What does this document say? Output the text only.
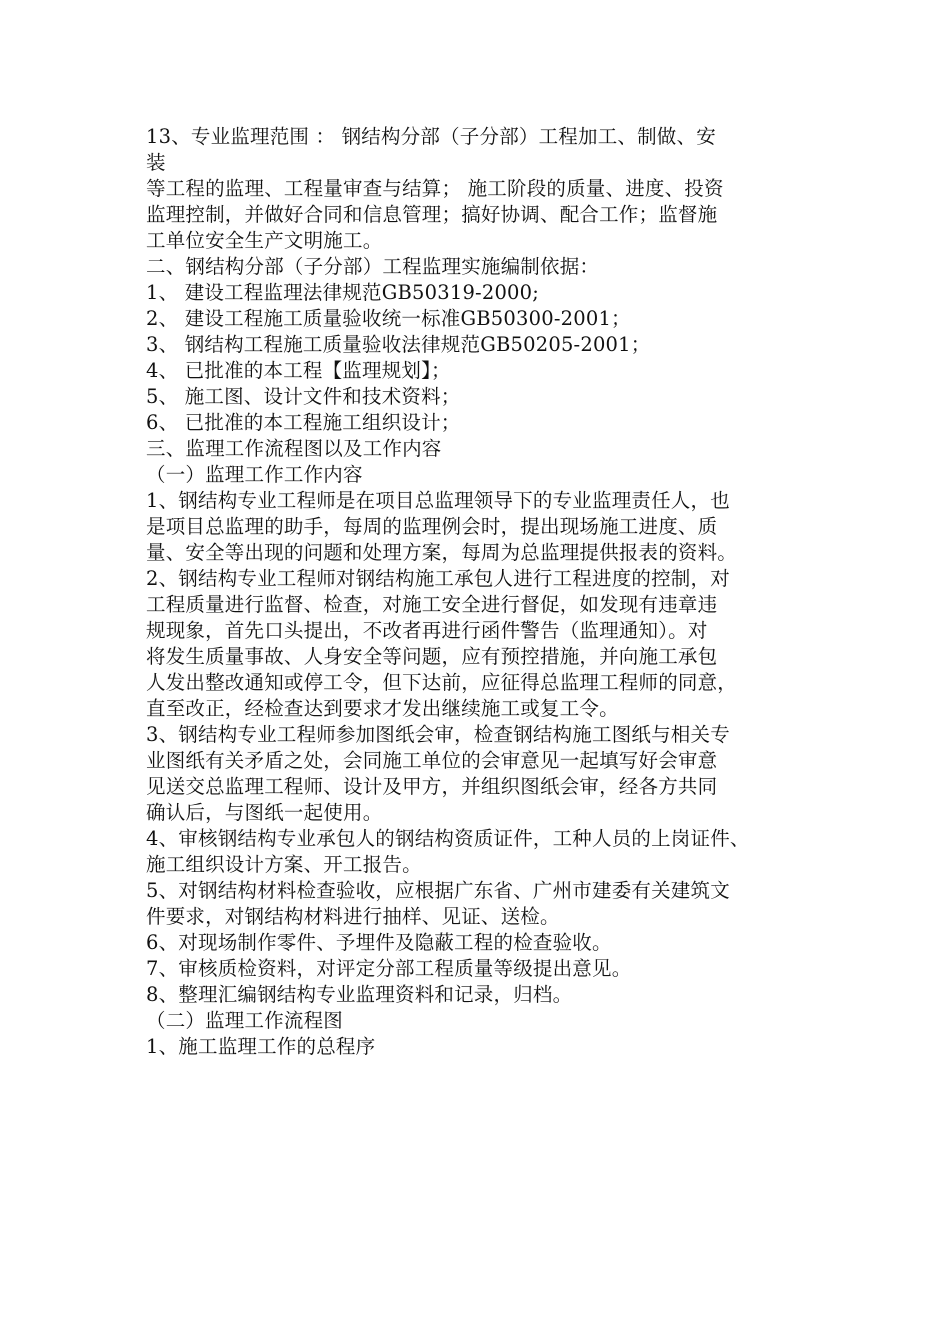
13、专业监理范围 ： 钢结构分部（子分部）工程加工、制做、安
装
等工程的监理、工程量审查与结算； 施工阶段的质量、进度、投资
监理控制，并做好合同和信息管理；搞好协调、配合工作；监督施
工单位安全生产文明施工。
二、钢结构分部（子分部）工程监理实施编制依据：
1、 建设工程监理法律规范GB50319-2000;
2、 建设工程施工质量验收统一标准GB50300-2001；
3、 钢结构工程施工质量验收法律规范GB50205-2001；
4、 已批准的本工程【监理规划】；
5、 施工图、设计文件和技术资料；
6、 已批准的本工程施工组织设计；
三、监理工作流程图以及工作内容
（一）监理工作工作内容
1、钢结构专业工程师是在项目总监理领导下的专业监理责任人，也
是项目总监理的助手，每周的监理例会时，提出现场施工进度、质
量、安全等出现的问题和处理方案，每周为总监理提供报表的资料。
2、钢结构专业工程师对钢结构施工承包人进行工程进度的控制，对
工程质量进行监督、检查，对施工安全进行督促，如发现有违章违
规现象，首先口头提出，不改者再进行函件警告（监理通知）。对
将发生质量事故、人身安全等问题，应有预控措施，并向施工承包
人发出整改通知或停工令，但下达前，应征得总监理工程师的同意，
直至改正，经检查达到要求才发出继续施工或复工令。
3、钢结构专业工程师参加图纸会审，检查钢结构施工图纸与相关专
业图纸有关矛盾之处，会同施工单位的会审意见一起填写好会审意
见送交总监理工程师、设计及甲方，并组织图纸会审，经各方共同
确认后，与图纸一起使用。
4、审核钢结构专业承包人的钢结构资质证件，工种人员的上岗证件、
施工组织设计方案、开工报告。
5、对钢结构材料检查验收，应根据广东省、广州市建委有关建筑文
件要求，对钢结构材料进行抽样、见证、送检。
6、对现场制作零件、予埋件及隐蔽工程的检查验收。
7、审核质检资料，对评定分部工程质量等级提出意见。
8、整理汇编钢结构专业监理资料和记录，归档。
（二）监理工作流程图
1、施工监理工作的总程序
